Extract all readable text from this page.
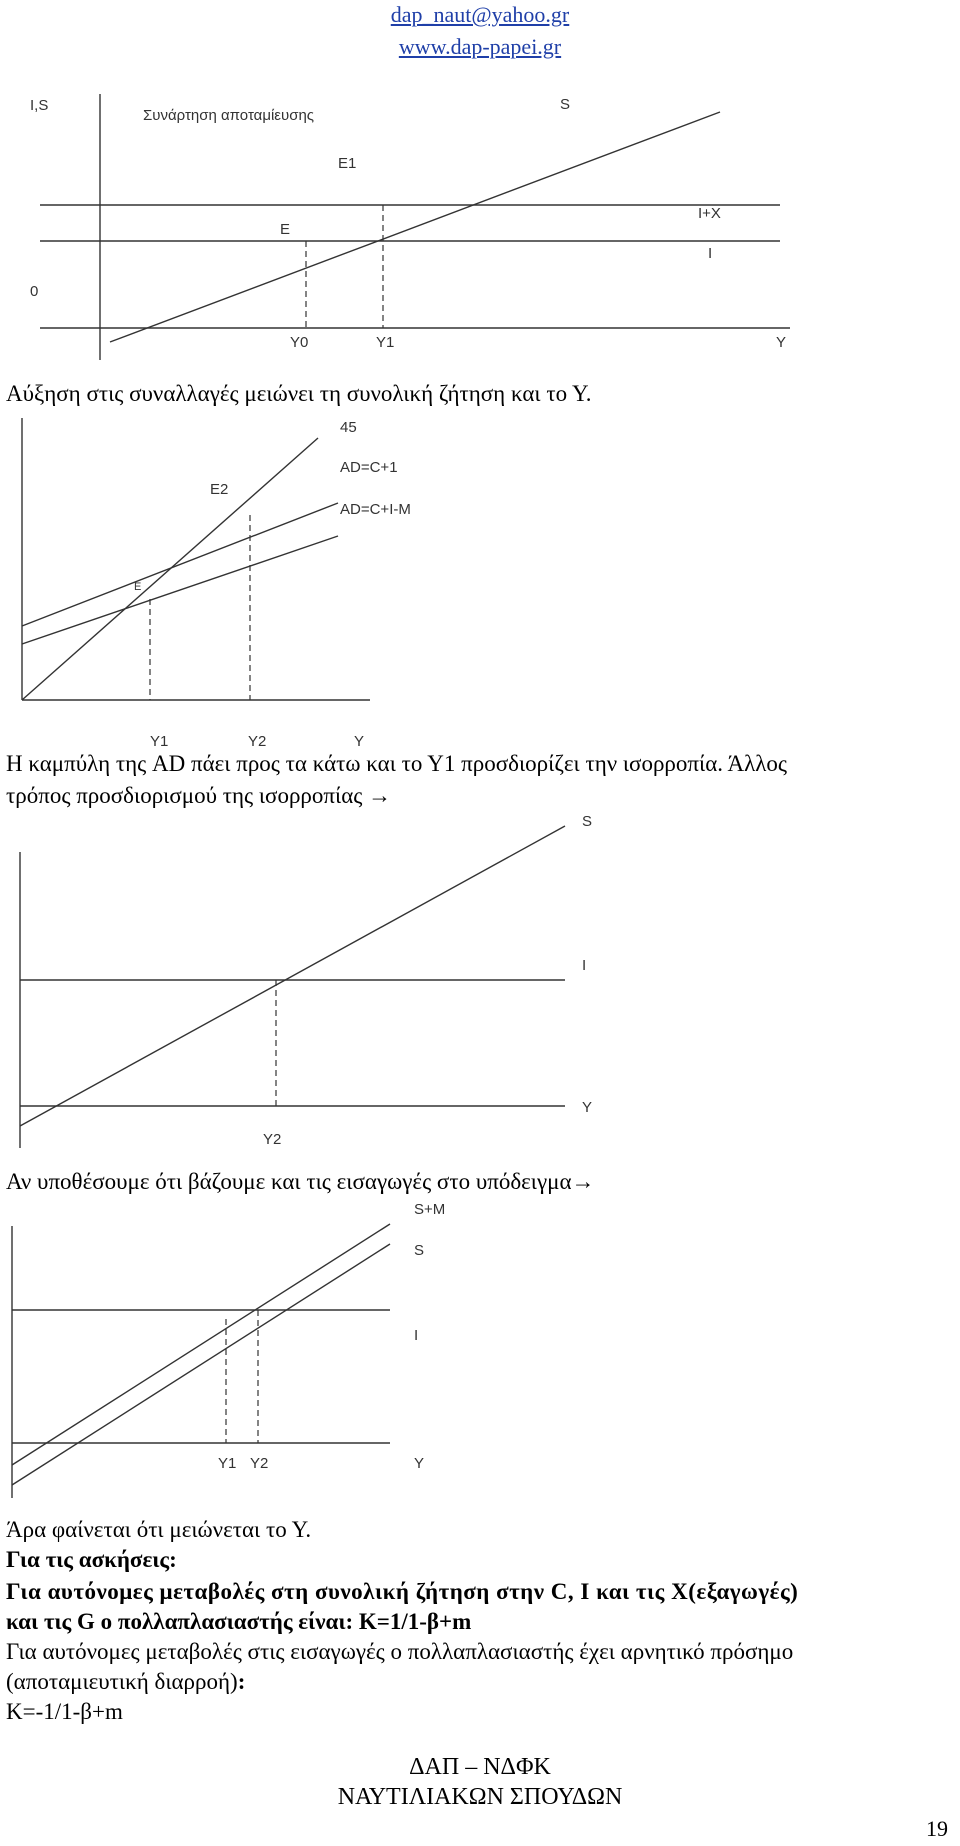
dap_naut@yahoo.gr
www.dap-papei.gr
I,S
Συνάρτηση αποταμίευσης
0
S
E1
E
I+X
I
Y0	Y1	Y
Αύξηση στις συναλλαγές μειώνει τη συνολική ζήτηση και το Υ.
45
AD=C+1
AD=C+I-M
E2
E
Y1	Y2	Y
Η καμπύλη της AD πάει προς τα κάτω και το Υ1 προσδιορίζει την ισορροπία. Άλλος
τρόπος προσδιορισμού της ισορροπίας →
S
I
Y
Y2
Αν υποθέσουμε ότι βάζουμε και τις εισαγωγές στο υπόδειγμα→
S+M
S
I
Y1 Y2	Y
Άρα φαίνεται ότι μειώνεται το Υ.
Για τις ασκήσεις:
Για αυτόνομες μεταβολές στη συνολική ζήτηση στην C, I και τις X(εξαγωγές)
και τις G ο πολλαπλασιαστής είναι: K=1/1-β+m
Για αυτόνομες μεταβολές στις εισαγωγές ο πολλαπλασιαστής έχει αρνητικό πρόσημο
(αποταμιευτική διαρροή):
K=-1/1-β+m
ΔΑΠ – ΝΔΦΚ
ΝΑΥΤΙΛΙΑΚΩΝ ΣΠΟΥΔΩΝ
19
